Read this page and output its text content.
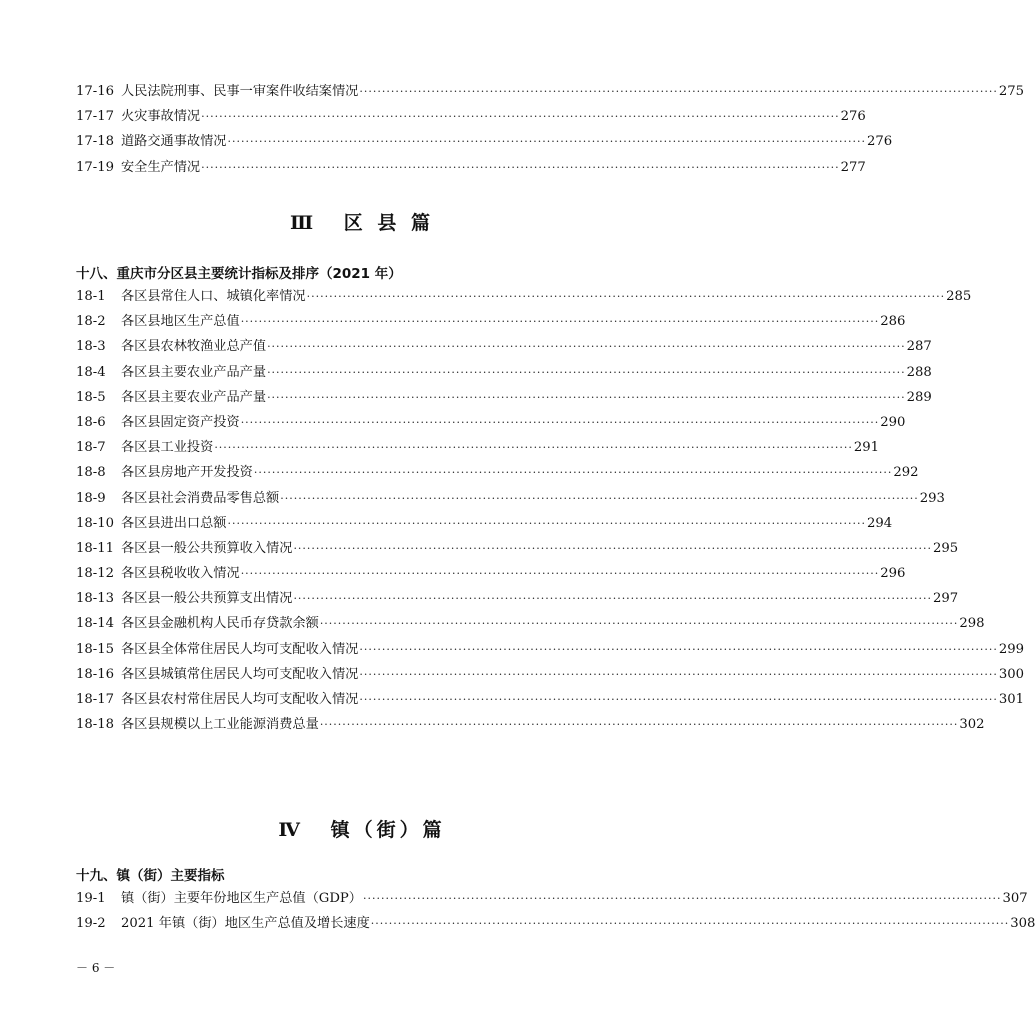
17-16 人民法院刑事、民事一审案件收结案情况 ·····	275
17-17 火灾事故情况 ·····	276
17-18 道路交通事故情况 ·····	276
17-19 安全生产情况 ·····	277
Ⅲ 区 县 篇
十八、重庆市分区县主要统计指标及排序（2021 年）
18-1	各区县常住人口、城镇化率情况 ·····	285
18-2	各区县地区生产总值 ·····	286
18-3	各区县农林牧渔业总产值 ·····	287
18-4	各区县主要农业产品产量 ·····	288
18-5	各区县主要农业产品产量 ·····	289
18-6	各区县固定资产投资 ·····	290
18-7	各区县工业投资 ·····	291
18-8	各区县房地产开发投资 ·····	292
18-9	各区县社会消费品零售总额 ·····	293
18-10 各区县进出口总额 ·····	294
18-11 各区县一般公共预算收入情况 ·····	295
18-12 各区县税收收入情况 ·····	296
18-13 各区县一般公共预算支出情况 ·····	297
18-14 各区县金融机构人民币存贷款余额 ·····	298
18-15 各区县全体常住居民人均可支配收入情况 ·····	299
18-16 各区县城镇常住居民人均可支配收入情况 ·····	300
18-17 各区县农村常住居民人均可支配收入情况 ·····	301
18-18 各区县规模以上工业能源消费总量 ·····	302
Ⅳ 镇（街）篇
十九、镇（街）主要指标
19-1	镇（街）主要年份地区生产总值（GDP） ·····	307
19-2	2021 年镇（街）地区生产总值及增长速度 ·····	308
－ 6 －
